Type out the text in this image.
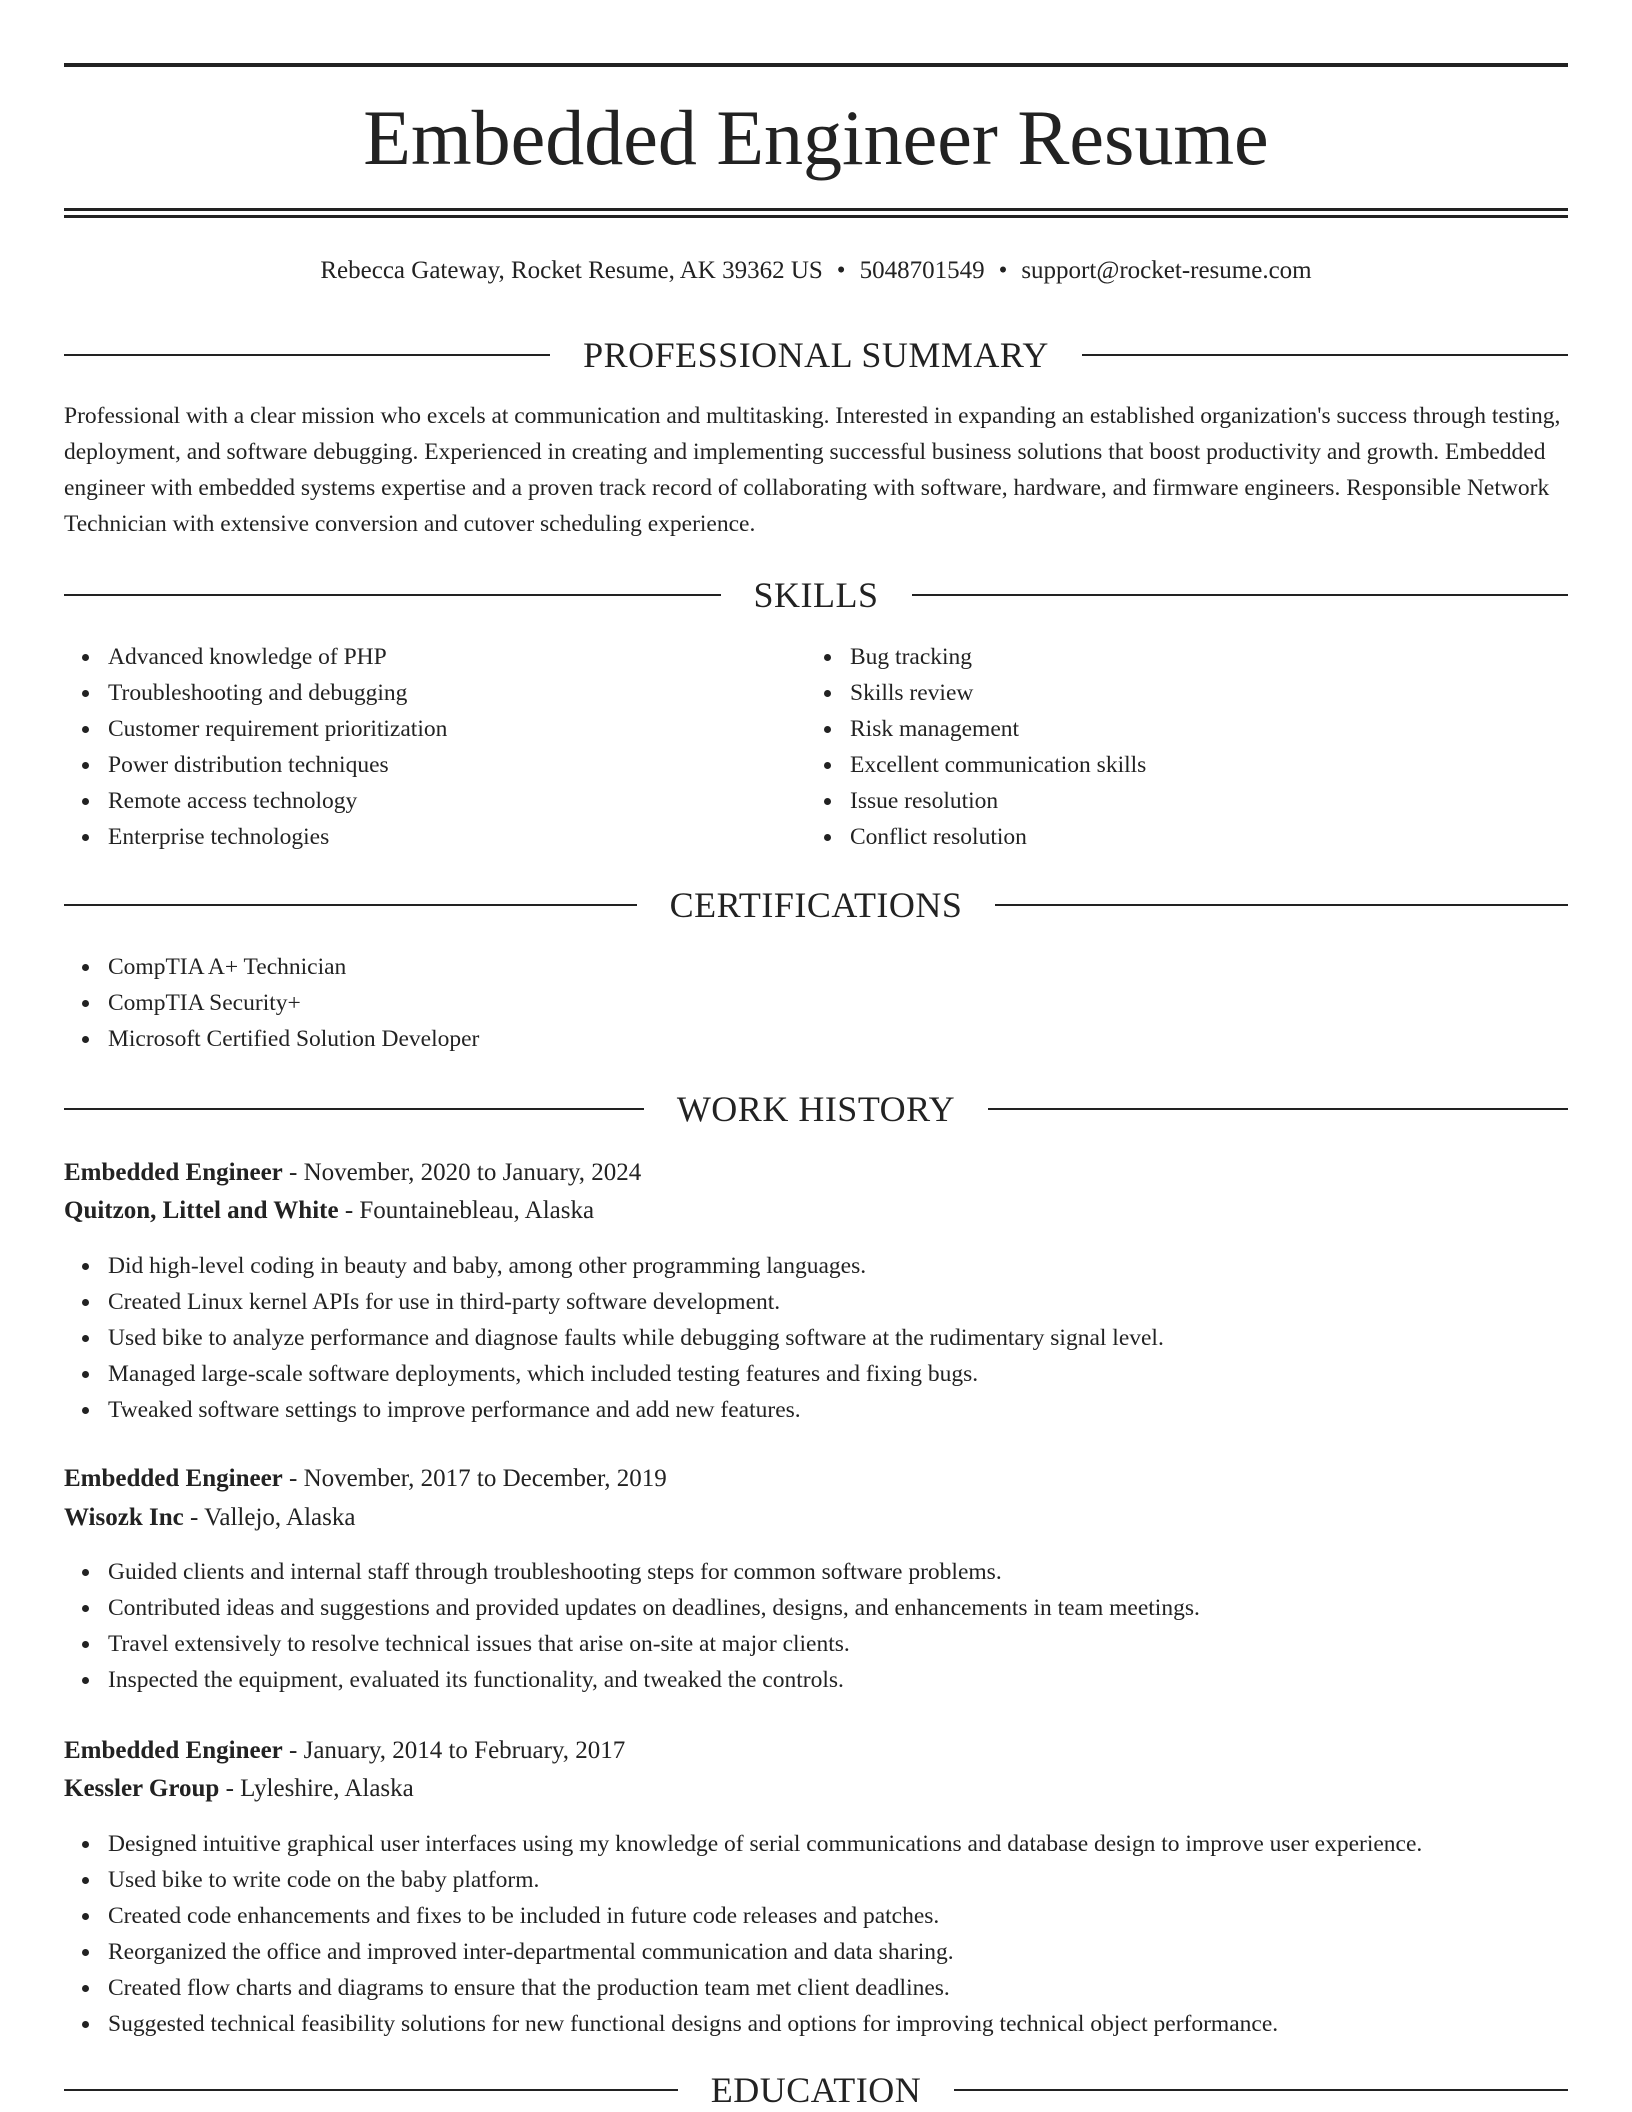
Embedded Engineer Resume
Rebecca Gateway, Rocket Resume, AK 39362 US • 5048701549 • support@rocket-resume.com
PROFESSIONAL SUMMARY

Professional with a clear mission who excels at communication and multitasking. Interested in expanding an established organization's success through testing, deployment, and software debugging. Experienced in creating and implementing successful business solutions that boost productivity and growth. Embedded engineer with embedded systems expertise and a proven track record of collaborating with software, hardware, and firmware engineers. Responsible Network Technician with extensive conversion and cutover scheduling experience.

SKILLS
Advanced knowledge of PHP
Troubleshooting and debugging
Customer requirement prioritization
Power distribution techniques
Remote access technology
Enterprise technologies
Bug tracking
Skills review
Risk management
Excellent communication skills
Issue resolution
Conflict resolution
CERTIFICATIONS
CompTIA A+ Technician
CompTIA Security+
Microsoft Certified Solution Developer
WORK HISTORY
Embedded Engineer - November, 2020 to January, 2024
Quitzon, Littel and White - Fountainebleau, Alaska
Did high-level coding in beauty and baby, among other programming languages.
Created Linux kernel APIs for use in third-party software development.
Used bike to analyze performance and diagnose faults while debugging software at the rudimentary signal level.
Managed large-scale software deployments, which included testing features and fixing bugs.
Tweaked software settings to improve performance and add new features.
Embedded Engineer - November, 2017 to December, 2019
Wisozk Inc - Vallejo, Alaska
Guided clients and internal staff through troubleshooting steps for common software problems.
Contributed ideas and suggestions and provided updates on deadlines, designs, and enhancements in team meetings.
Travel extensively to resolve technical issues that arise on-site at major clients.
Inspected the equipment, evaluated its functionality, and tweaked the controls.
Embedded Engineer - January, 2014 to February, 2017
Kessler Group - Lyleshire, Alaska
Designed intuitive graphical user interfaces using my knowledge of serial communications and database design to improve user experience.
Used bike to write code on the baby platform.
Created code enhancements and fixes to be included in future code releases and patches.
Reorganized the office and improved inter-departmental communication and data sharing.
Created flow charts and diagrams to ensure that the production team met client deadlines.
Suggested technical feasibility solutions for new functional designs and options for improving technical object performance.
EDUCATION
